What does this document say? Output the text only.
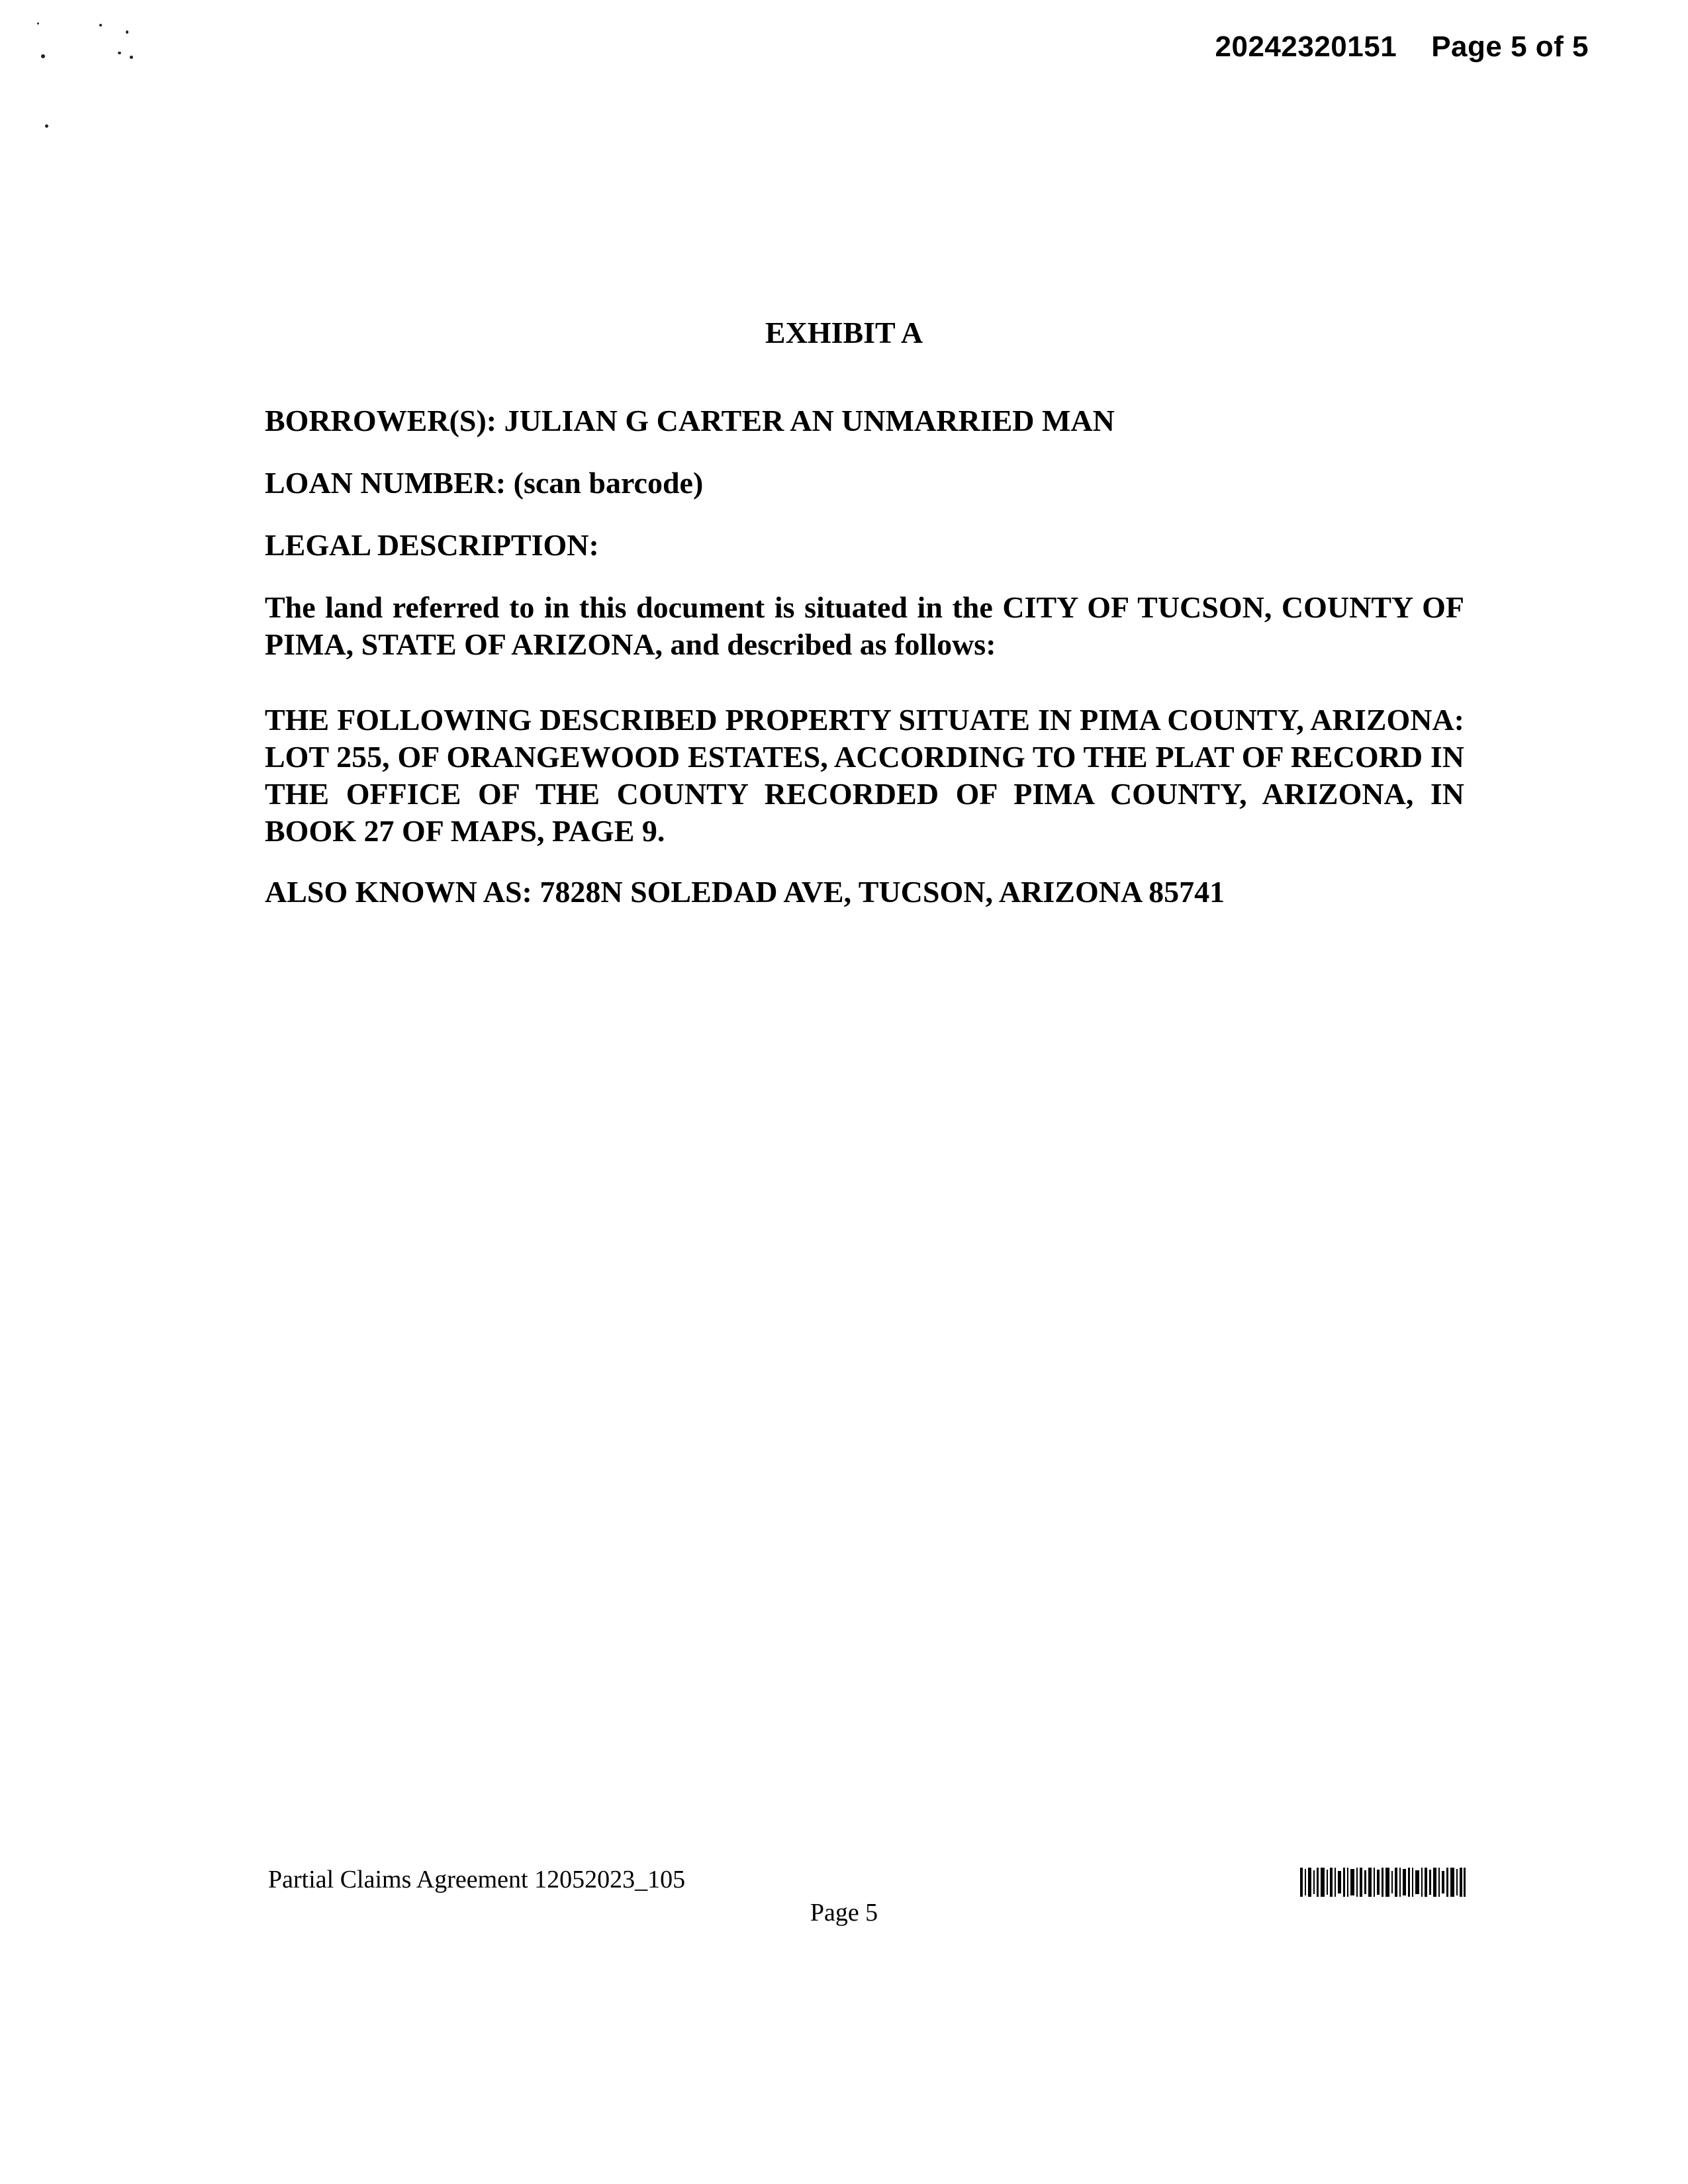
20242320151 Page 5 of 5
EXHIBIT A
BORROWER(S): JULIAN G CARTER AN UNMARRIED MAN
LOAN NUMBER: (scan barcode)
LEGAL DESCRIPTION:
The land referred to in this document is situated in the CITY OF TUCSON, COUNTY OF PIMA, STATE OF ARIZONA, and described as follows:
THE FOLLOWING DESCRIBED PROPERTY SITUATE IN PIMA COUNTY, ARIZONA:   LOT 255, OF ORANGEWOOD ESTATES, ACCORDING TO THE PLAT OF RECORD IN THE OFFICE OF THE COUNTY RECORDED OF PIMA COUNTY, ARIZONA, IN BOOK 27 OF MAPS, PAGE 9.
ALSO KNOWN AS: 7828N SOLEDAD AVE, TUCSON, ARIZONA 85741
Partial Claims Agreement 12052023_105
Page 5
